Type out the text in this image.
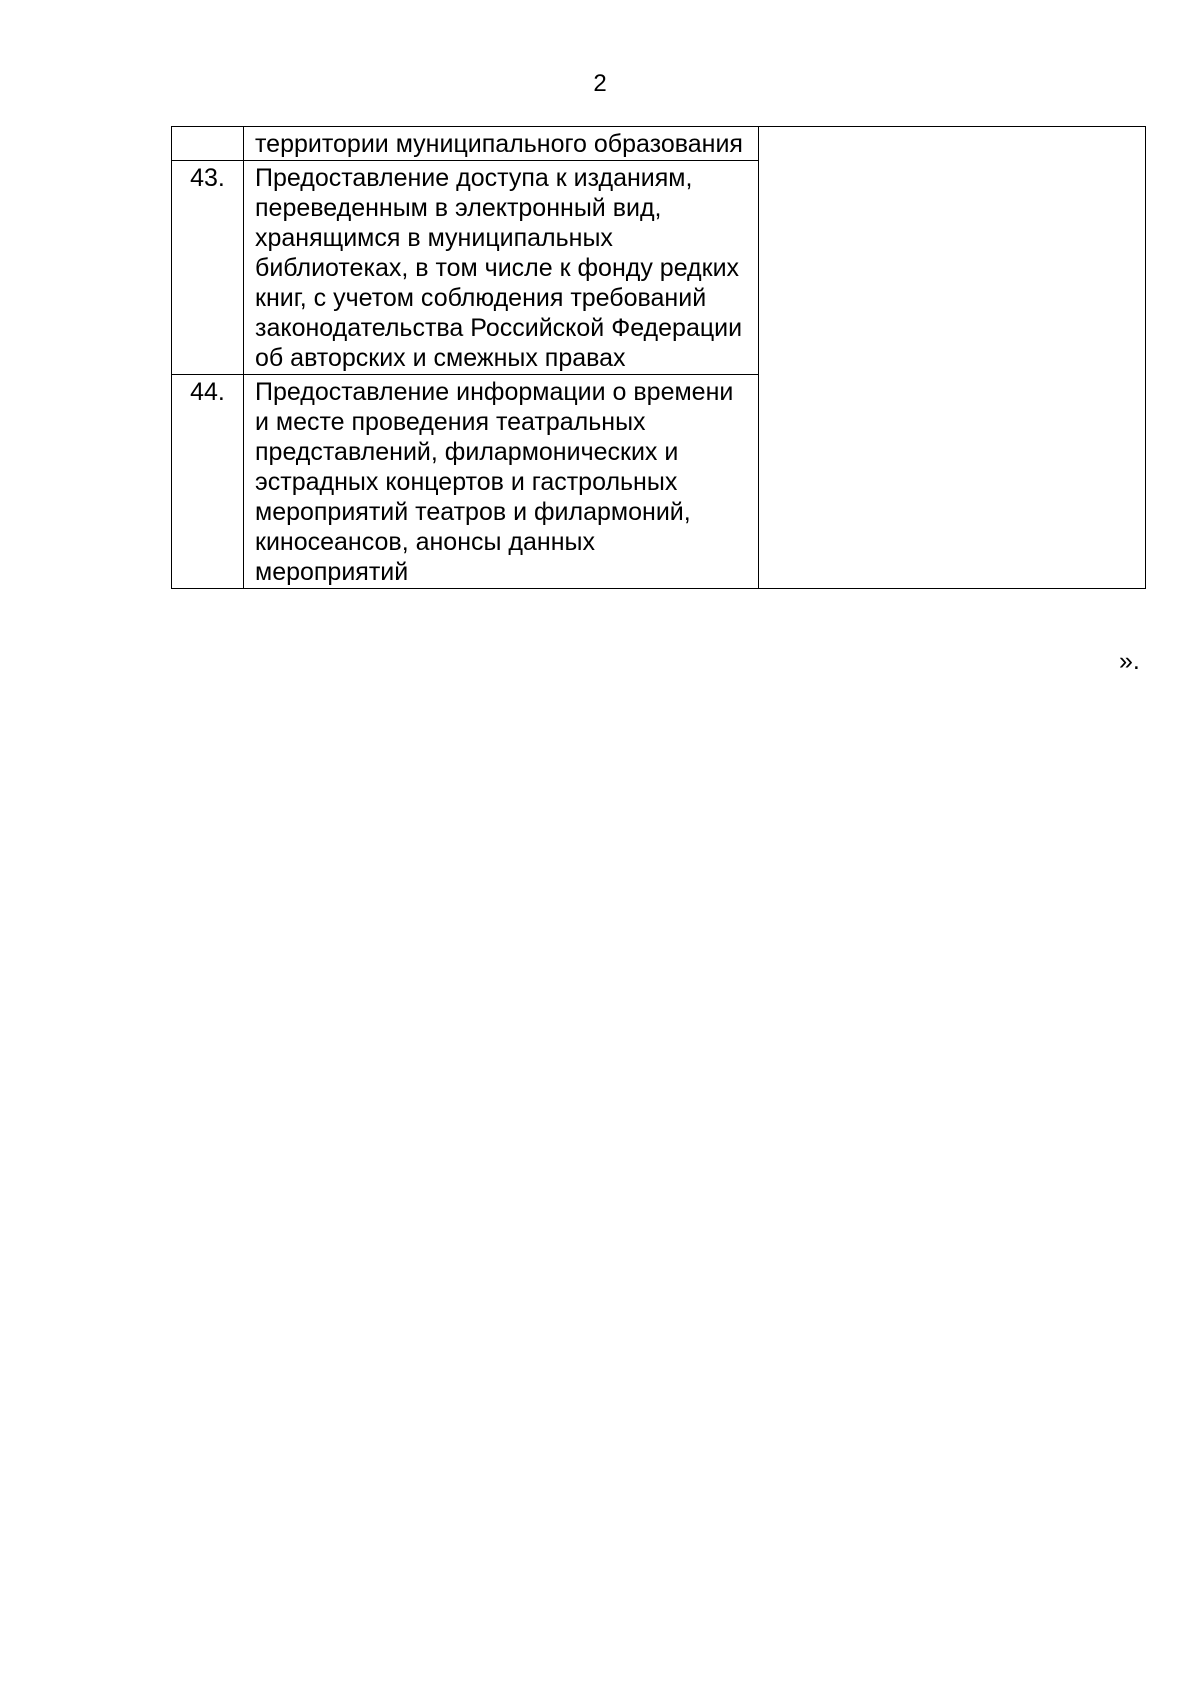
2
	территории муниципального образования	
43.	Предоставление доступа к изданиям, переведенным в электронный вид, хранящимся в муниципальных библиотеках, в том числе к фонду редких книг, с учетом соблюдения требований законодательства Российской Федерации об авторских и смежных правах	
44.	Предоставление информации о времени и месте проведения театральных представлений, филармонических и эстрадных концертов и гастрольных мероприятий театров и филармоний, киносеансов, анонсы данных мероприятий	
».
